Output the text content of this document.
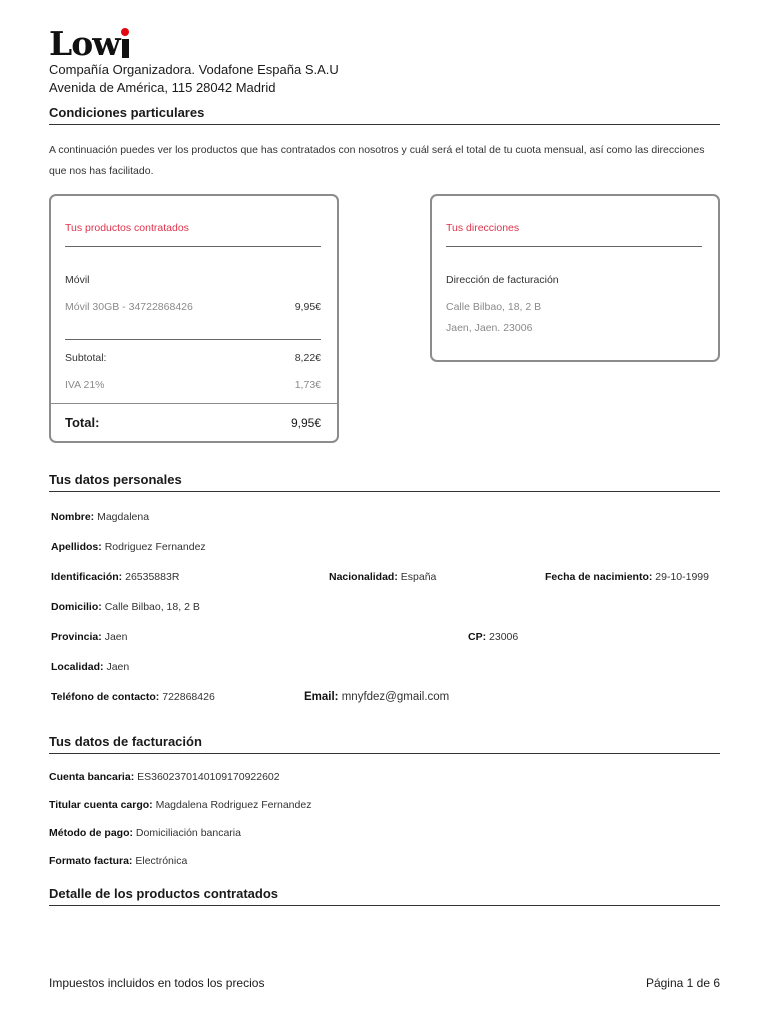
Low
Compañía Organizadora. Vodafone España S.A.U
Avenida de América, 115 28042 Madrid
Condiciones particulares
A continuación puedes ver los productos que has contratados con nosotros y cuál será el total de tu cuota mensual, así como las direcciones que nos has facilitado.
Tus productos contratados
Móvil
Móvil 30GB - 34722868426	9,95€
Subtotal:	8,22€
IVA 21%	1,73€
Total:	9,95€
Tus direcciones
Dirección de facturación
Calle Bilbao, 18, 2 B
Jaen, Jaen. 23006
Tus datos personales
Nombre: Magdalena
Apellidos: Rodriguez Fernandez
Identificación: 26535883R	Nacionalidad: España	Fecha de nacimiento: 29-10-1999
Domicilio: Calle Bilbao, 18, 2 B
Provincia: Jaen	CP: 23006
Localidad: Jaen
Teléfono de contacto: 722868426	Email: mnyfdez@gmail.com
Tus datos de facturación
Cuenta bancaria: ES3602370140109170922602
Titular cuenta cargo: Magdalena Rodriguez Fernandez
Método de pago: Domiciliación bancaria
Formato factura: Electrónica
Detalle de los productos contratados
Impuestos incluidos en todos los precios	Página 1 de 6
